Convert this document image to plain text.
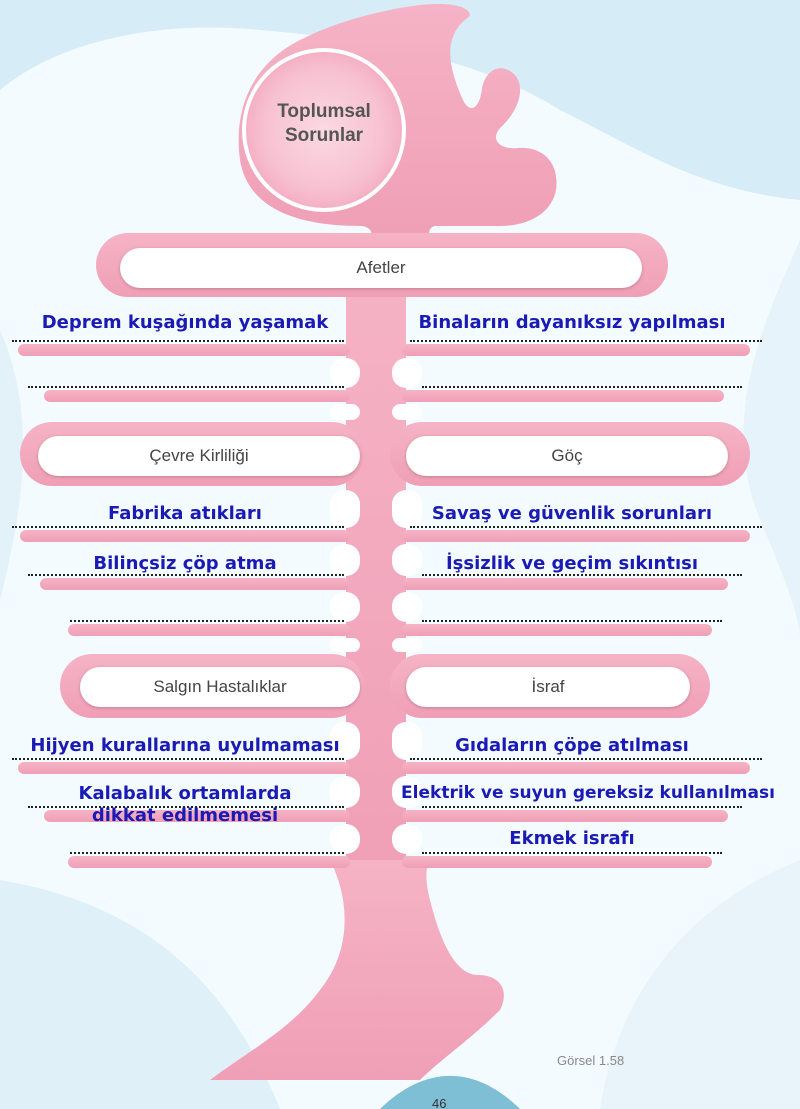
Toplumsal
Sorunlar
Afetler
Çevre Kirliliği	Göç
Salgın Hastalıklar	İsraf
Deprem kuşağında yaşamak	Binaların dayanıksız yapılması
Fabrika atıkları	Savaş ve güvenlik sorunları
Bilinçsiz çöp atma	İşsizlik ve geçim sıkıntısı
Hijyen kurallarına uyulmaması	Gıdaların çöpe atılması
Kalabalık ortamlarda
dikkat edilmemesi
Elektrik ve suyun gereksiz kullanılması
Ekmek israfı
Görsel 1.58
46
